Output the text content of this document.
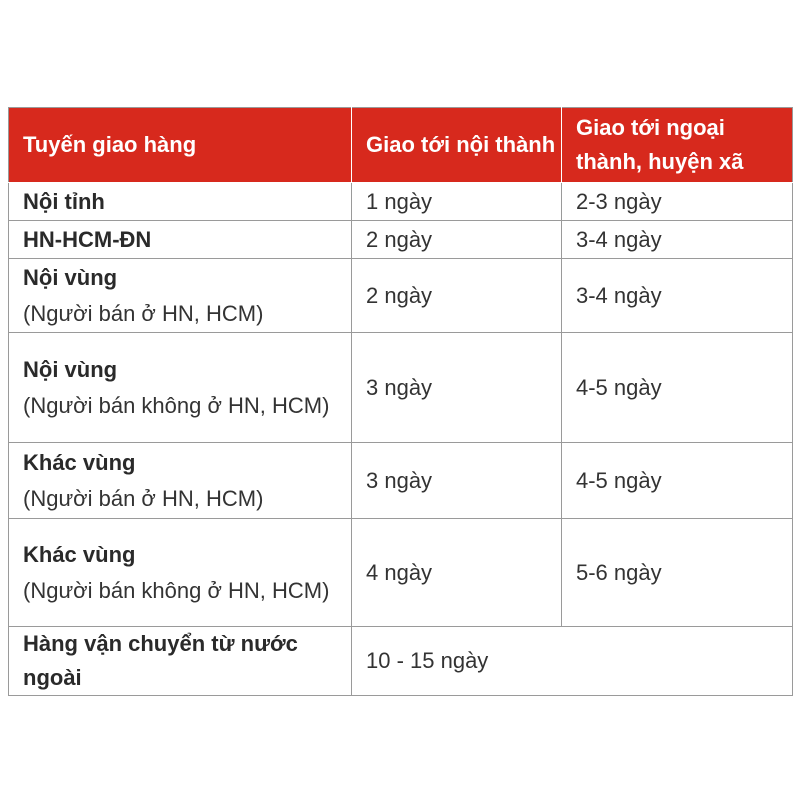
Tuyến giao hàng	Giao tới nội thành	Giao tới ngoại thành, huyện xã

Nội tỉnh	1 ngày	2-3 ngày

HN-HCM-ĐN	2 ngày	3-4 ngày

Nội vùng
(Người bán ở HN, HCM)	2 ngày	3-4 ngày

Nội vùng
(Người bán không ở HN, HCM)	3 ngày	4-5 ngày

Khác vùng
(Người bán ở HN, HCM)	3 ngày	4-5 ngày

Khác vùng
(Người bán không ở HN, HCM)	4 ngày	5-6 ngày

Hàng vận chuyển từ nước ngoài	10 - 15 ngày	
